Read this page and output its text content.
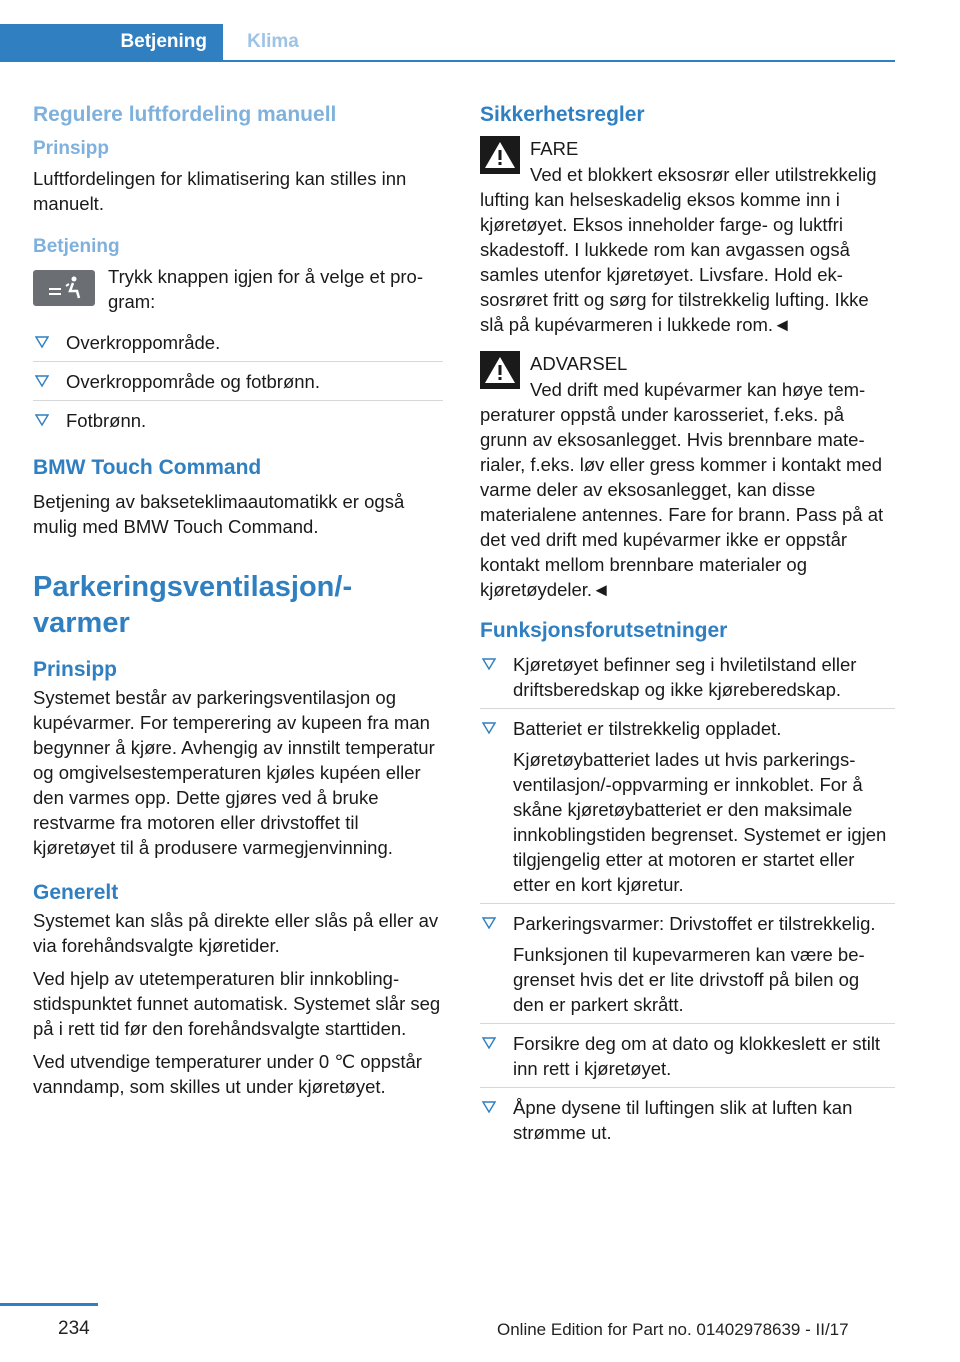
Betjening	Klima
Regulere luftfordeling manuell
Prinsipp

Luftfordelingen for klimatisering kan stilles inn manuelt.

Betjening

Trykk knappen igjen for å velge et program:

Overkroppområde.
Overkroppområde og fotbrønn.
Fotbrønn.
BMW Touch Command

Betjening av bakseteklimaautomatikk er også mulig med BMW Touch Command.

Parkeringsventilasjon/-varmer
Prinsipp

Systemet består av parkeringsventilasjon og kupévarmer. For temperering av kupeen fra man begynner å kjøre. Avhengig av innstilt temperatur og omgivelsestemperaturen kjøles kupéen eller den varmes opp. Dette gjøres ved å bruke restvarme fra motoren eller drivstoffet til kjøretøyet til å produsere varmegjenvinning.

Generelt

Systemet kan slås på direkte eller slås på eller av via forehåndsvalgte kjøretider.

Ved hjelp av utetemperaturen blir innkoblingstidspunktet funnet automatisk. Systemet slår seg på i rett tid før den forehåndsvalgte starttiden.

Ved utvendige temperaturer under 0 ℃ oppstår vanndamp, som skilles ut under kjøretøyet.

Sikkerhetsregler
FARE

Ved et blokkert eksosrør eller utilstrekkelig lufting kan helseskadelig eksos komme inn i kjøretøyet. Eksos inneholder farge- og luktfri skadestoff. I lukkede rom kan avgassen også samles utenfor kjøretøyet. Livsfare. Hold eksosrøret fritt og sørg for tilstrekkelig lufting. Ikke slå på kupévarmeren i lukkede rom.◄

ADVARSEL

Ved drift med kupévarmer kan høye temperaturer oppstå under karosseriet, f.eks. på grunn av eksosanlegget. Hvis brennbare materialer, f.eks. løv eller gress kommer i kontakt med varme deler av eksosanlegget, kan disse materialene antennes. Fare for brann. Pass på at det ved drift med kupévarmer ikke er oppstår kontakt mellom brennbare materialer og kjøretøydeler.◄

Funksjonsforutsetninger
Kjøretøyet befinner seg i hviletilstand eller driftsberedskap og ikke kjøreberedskap.
Batteriet er tilstrekkelig oppladet.

Kjøretøybatteriet lades ut hvis parkeringsventilasjon/-oppvarming er innkoblet. For å skåne kjøretøybatteriet er den maksimale innkoblingstiden begrenset. Systemet er igjen tilgjengelig etter at motoren er startet eller etter en kort kjøretur.

Parkeringsvarmer: Drivstoffet er tilstrekkelig.

Funksjonen til kupevarmeren kan være begrenset hvis det er lite drivstoff på bilen og den er parkert skrått.

Forsikre deg om at dato og klokkeslett er stilt inn rett i kjøretøyet.
Åpne dysene til luftingen slik at luften kan strømme ut.
234	Online Edition for Part no. 01402978639 - II/17
